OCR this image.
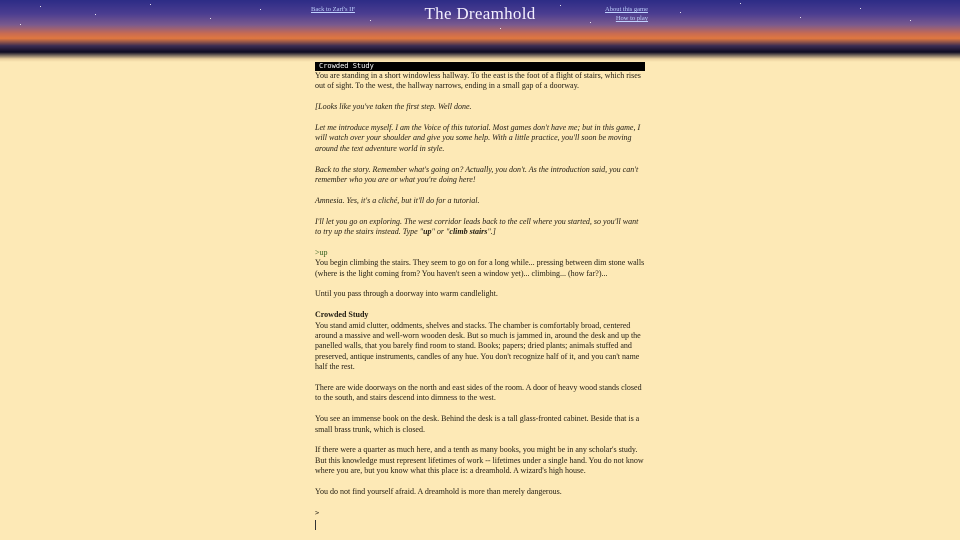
The Dreamhold
Back to Zarf's IF	About this game
How to play
Crowded Study

You are standing in a short windowless hallway. To the east is the foot of a flight of stairs, which rises out of sight. To the west, the hallway narrows, ending in a small gap of a doorway.

[Looks like you've taken the first step. Well done.

Let me introduce myself. I am the Voice of this tutorial. Most games don't have me; but in this game, I will watch over your shoulder and give you some help. With a little practice, you'll soon be moving around the text adventure world in style.

Back to the story. Remember what's going on? Actually, you don't. As the introduction said, you can't remember who you are or what you're doing here!

Amnesia. Yes, it's a cliché, but it'll do for a tutorial.

I'll let you go on exploring. The west corridor leads back to the cell where you started, so you'll want to try up the stairs instead. Type "up" or "climb stairs".]

>up

You begin climbing the stairs. They seem to go on for a long while... pressing between dim stone walls (where is the light coming from? You haven't seen a window yet)... climbing... (how far?)...

Until you pass through a doorway into warm candlelight.

Crowded Study

You stand amid clutter, oddments, shelves and stacks. The chamber is comfortably broad, centered around a massive and well-worn wooden desk. But so much is jammed in, around the desk and up the panelled walls, that you barely find room to stand. Books; papers; dried plants; animals stuffed and preserved, antique instruments, candles of any hue. You don't recognize half of it, and you can't name half the rest.

There are wide doorways on the north and east sides of the room. A door of heavy wood stands closed to the south, and stairs descend into dimness to the west.

You see an immense book on the desk. Behind the desk is a tall glass-fronted cabinet. Beside that is a small brass trunk, which is closed.

If there were a quarter as much here, and a tenth as many books, you might be in any scholar's study. But this knowledge must represent lifetimes of work -- lifetimes under a single hand. You do not know where you are, but you know what this place is: a dreamhold. A wizard's high house.

You do not find yourself afraid. A dreamhold is more than merely dangerous.

>
